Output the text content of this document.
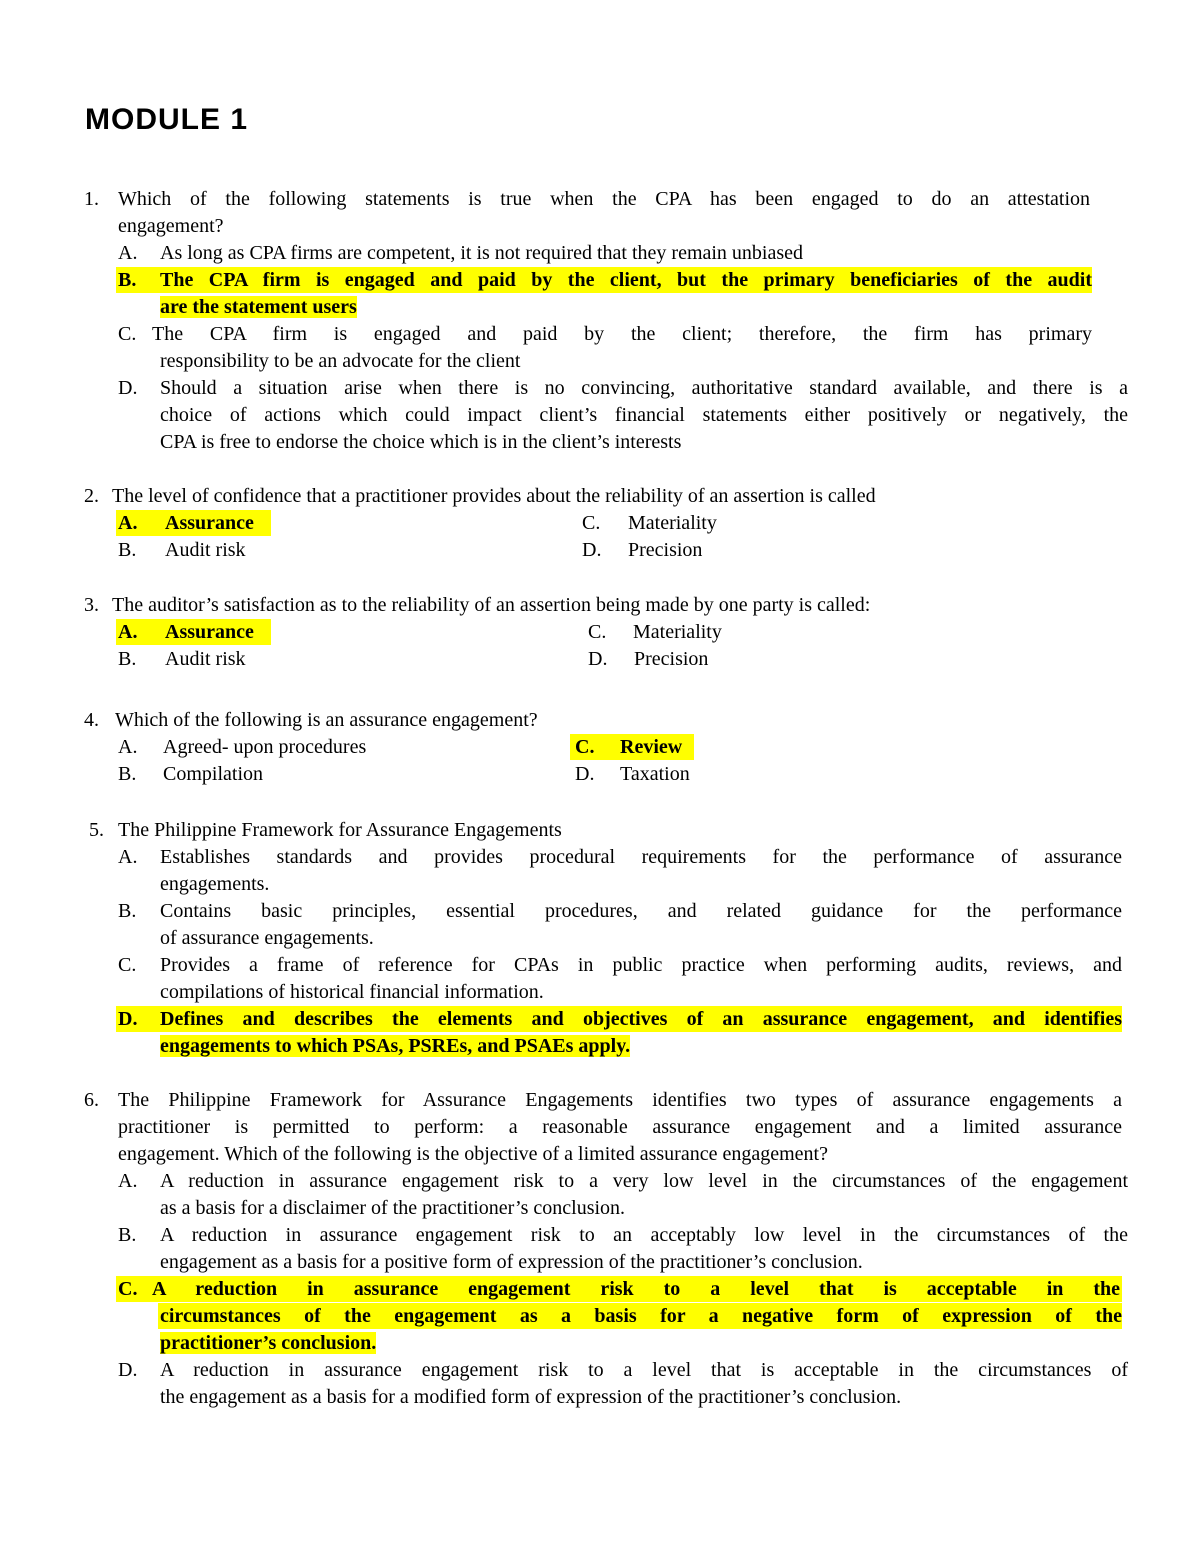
MODULE 1
1. Which of the following statements is true when the CPA has been engaged to do an attestation
engagement?
A. As long as CPA firms are competent, it is not required that they remain unbiased
B. The CPA firm is engaged and paid by the client, but the primary beneficiaries of the audit
are the statement users
C. The CPA firm is engaged and paid by the client; therefore, the firm has primary
responsibility to be an advocate for the client
D. Should a situation arise when there is no convincing, authoritative standard available, and there is a
choice of actions which could impact client’s financial statements either positively or negatively, the
CPA is free to endorse the choice which is in the client’s interests
2. The level of confidence that a practitioner provides about the reliability of an assertion is called
A. Assurance	C. Materiality
B. Audit risk	D. Precision
3. The auditor’s satisfaction as to the reliability of an assertion being made by one party is called:
A. Assurance	C. Materiality
B. Audit risk	D. Precision
4. Which of the following is an assurance engagement?
A. Agreed- upon procedures	C. Review
B. Compilation	D. Taxation
5. The Philippine Framework for Assurance Engagements
A. Establishes standards and provides procedural requirements for the performance of assurance
engagements.
B. Contains basic principles, essential procedures, and related guidance for the performance
of assurance engagements.
C. Provides a frame of reference for CPAs in public practice when performing audits, reviews, and
compilations of historical financial information.
D. Defines and describes the elements and objectives of an assurance engagement, and identifies
engagements to which PSAs, PSREs, and PSAEs apply.
6. The Philippine Framework for Assurance Engagements identifies two types of assurance engagements a
practitioner is permitted to perform: a reasonable assurance engagement and a limited assurance
engagement. Which of the following is the objective of a limited assurance engagement?
A. A reduction in assurance engagement risk to a very low level in the circumstances of the engagement
as a basis for a disclaimer of the practitioner’s conclusion.
B. A reduction in assurance engagement risk to an acceptably low level in the circumstances of the
engagement as a basis for a positive form of expression of the practitioner’s conclusion.
C. A reduction in assurance engagement risk to a level that is acceptable in the
circumstances of the engagement as a basis for a negative form of expression of the
practitioner’s conclusion.
D. A reduction in assurance engagement risk to a level that is acceptable in the circumstances of
the engagement as a basis for a modified form of expression of the practitioner’s conclusion.
